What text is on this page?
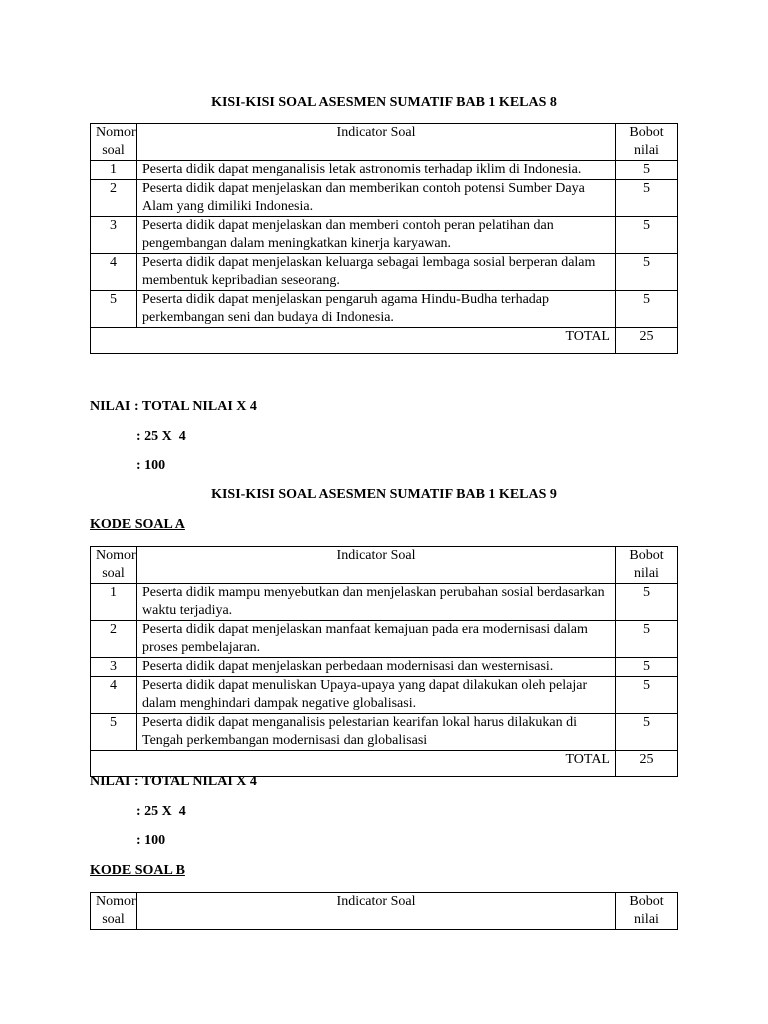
KISI-KISI SOAL ASESMEN SUMATIF BAB 1 KELAS 8
Nomor soal	Indicator Soal	Bobot nilai
1	Peserta didik dapat menganalisis letak astronomis terhadap iklim di Indonesia.	5
2	Peserta didik dapat menjelaskan dan memberikan contoh potensi Sumber Daya Alam yang dimiliki Indonesia.	5
3	Peserta didik dapat menjelaskan dan memberi contoh peran pelatihan dan pengembangan dalam meningkatkan kinerja karyawan.	5
4	Peserta didik dapat menjelaskan keluarga sebagai lembaga sosial berperan dalam membentuk kepribadian seseorang.	5
5	Peserta didik dapat menjelaskan pengaruh agama Hindu-Budha terhadap perkembangan seni dan budaya di Indonesia.	5
TOTAL		25
NILAI : TOTAL NILAI X 4
: 25 X  4
: 100
KISI-KISI SOAL ASESMEN SUMATIF BAB 1 KELAS 9
KODE SOAL A
Nomor soal	Indicator Soal	Bobot nilai
1	Peserta didik mampu menyebutkan dan menjelaskan perubahan sosial berdasarkan waktu terjadiya.	5
2	Peserta didik dapat menjelaskan manfaat kemajuan pada era modernisasi dalam proses pembelajaran.	5
3	Peserta didik dapat menjelaskan perbedaan modernisasi dan westernisasi.	5
4	Peserta didik dapat menuliskan Upaya-upaya yang dapat dilakukan oleh pelajar dalam menghindari dampak negative globalisasi.	5
5	Peserta didik dapat menganalisis pelestarian kearifan lokal harus dilakukan di Tengah perkembangan modernisasi dan globalisasi	5
TOTAL		25
NILAI : TOTAL NILAI X 4
: 25 X  4
: 100
KODE SOAL B
Nomor soal	Indicator Soal	Bobot nilai
